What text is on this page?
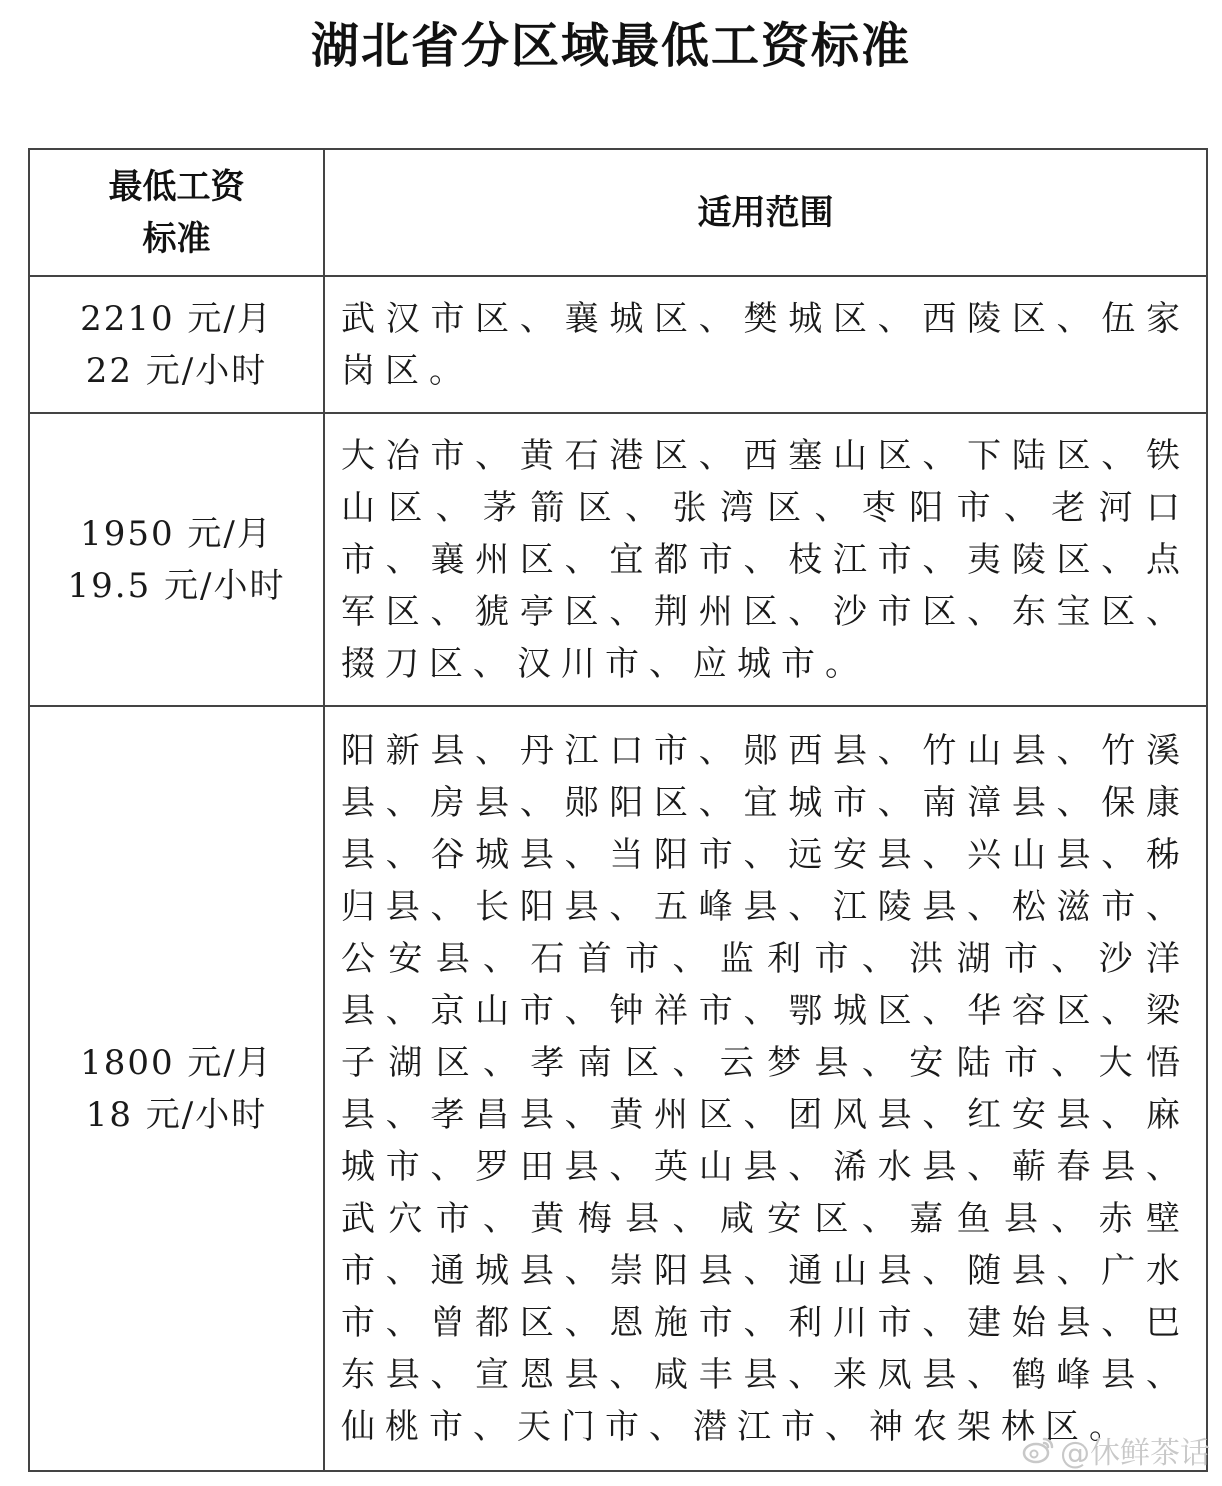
湖北省分区域最低工资标准
最低工资
标准	适用范围

2210 元/月
22 元/小时	武汉市区、襄城区、樊城区、西陵区、伍家岗区。

1950 元/月
19.5 元/小时	大冶市、黄石港区、西塞山区、下陆区、铁山区、茅箭区、张湾区、枣阳市、老河口市、襄州区、宜都市、枝江市、夷陵区、点军区、猇亭区、荆州区、沙市区、东宝区、掇刀区、汉川市、应城市。

1800 元/月
18 元/小时	阳新县、丹江口市、郧西县、竹山县、竹溪县、房县、郧阳区、宜城市、南漳县、保康县、谷城县、当阳市、远安县、兴山县、秭归县、长阳县、五峰县、江陵县、松滋市、公安县、石首市、监利市、洪湖市、沙洋县、京山市、钟祥市、鄂城区、华容区、梁子湖区、孝南区、云梦县、安陆市、大悟县、孝昌县、黄州区、团风县、红安县、麻城市、罗田县、英山县、浠水县、蕲春县、武穴市、黄梅县、咸安区、嘉鱼县、赤壁市、通城县、崇阳县、通山县、随县、广水市、曾都区、恩施市、利川市、建始县、巴东县、宣恩县、咸丰县、来凤县、鹤峰县、仙桃市、天门市、潜江市、神农架林区。
@休鲜茶话
